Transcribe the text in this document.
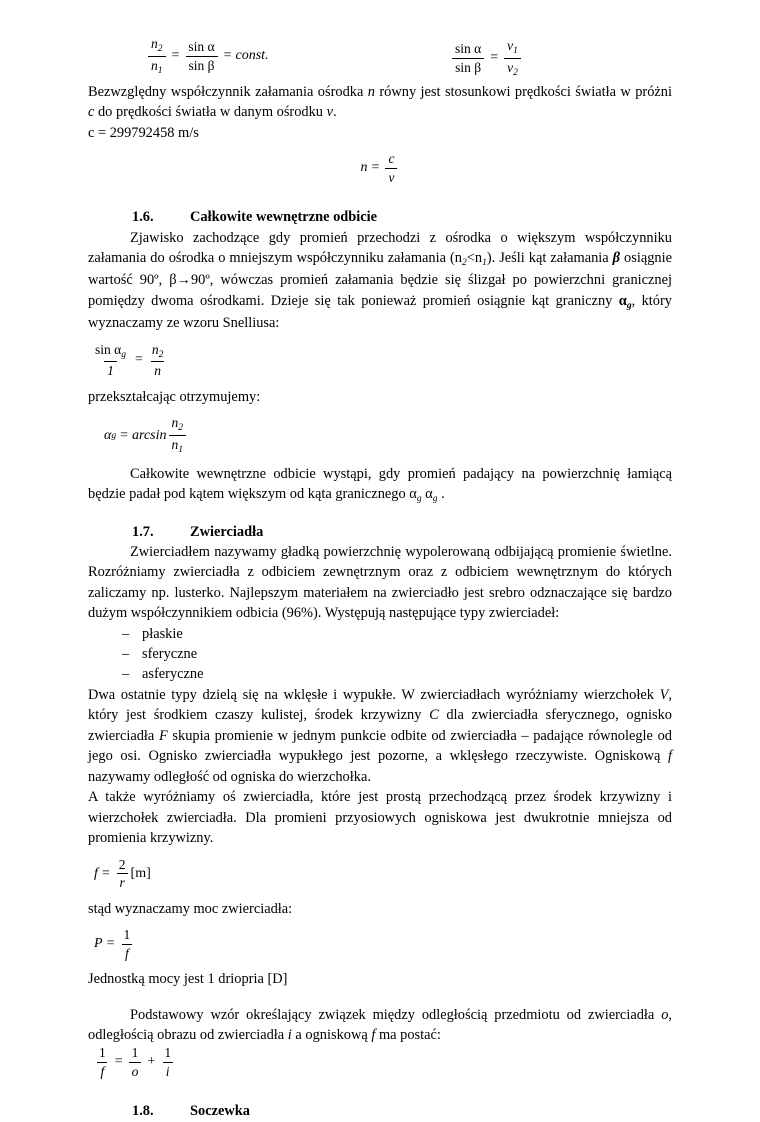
$\frac{n_2}{n_1} = \frac{\text{sin α}}{\text{sin β}}$ = const.	$\frac{\text{sin α}}{\text{sin β}} = \frac{v_1}{v_2}$

Bezwzględny współczynnik załamania ośrodka n równy jest stosunkowi prędkości światła w próżni c do prędkości światła w danym ośrodku v.

c = 299792458 m/s

$n = \frac{c}{v}$
1.6.	Całkowite wewnętrzne odbicie

Zjawisko zachodzące gdy promień przechodzi z ośrodka o większym współczynniku załamania do ośrodka o mniejszym współczynniku załamania $(n_2<n_1)$. Jeśli kąt załamania β osiągnie wartość 90º, β→90º, wówczas promień załamania będzie się ślizgał po powierzchni granicznej pomiędzy dwoma ośrodkami. Dzieje się tak ponieważ promień osiągnie kąt graniczny $\alpha_g$, który wyznaczamy ze wzoru Snelliusa:

$\frac{\sin \alpha_g}{1} = \frac{n_2}{n}$

przekształcając otrzymujemy:

α $g = \arcsin \frac{n_2}{n_1}$

Całkowite wewnętrzne odbicie wystąpi, gdy promień padający na powierzchnię łamiącą będzie padał pod kątem większym od kąta granicznego $\alpha_g$ $\alpha_g$ .

1.7.	Zwierciadła

Zwierciadłem nazywamy gładką powierzchnię wypolerowaną odbijającą promienie świetlne. Rozróżniamy zwierciadła z odbiciem zewnętrznym oraz z odbiciem wewnętrznym do których zaliczamy np. lusterko. Najlepszym materiałem na zwierciadło jest srebro odznaczające się bardzo dużym współczynnikiem odbicia (96%). Występują następujące typy zwierciadeł:

– płaskie
– sferyczne
– asferyczne

Dwa ostatnie typy dzielą się na wklęsłe i wypukłe. W zwierciadłach wyróżniamy wierzchołek V, który jest środkiem czaszy kulistej, środek krzywizny C dla zwierciadła sferycznego, ognisko zwierciadła F skupia promienie w jednym punkcie odbite od zwierciadła – padające równolegle od jego osi. Ognisko zwierciadła wypukłego jest pozorne, a wklęsłego rzeczywiste. Ogniskową f nazywamy odległość od ogniska do wierzchołka.

A także wyróżniamy oś zwierciadła, które jest prostą przechodzącą przez środek krzywizny i wierzchołek zwierciadła. Dla promieni przyosiowych ogniskowa jest dwukrotnie mniejsza od promienia krzywizny.

$f = \frac{2}{r} [m]$

stąd wyznaczamy moc zwierciadła:

$P = \frac{1}{f}$

Jednostką mocy jest 1 driopria [D]

Podstawowy wzór określający związek między odległością przedmiotu od zwierciadła o, odległością obrazu od zwierciadła i a ogniskową f ma postać:

$\frac{1}{f} = \frac{1}{o} + \frac{1}{i}$
1.8.	Soczewka
